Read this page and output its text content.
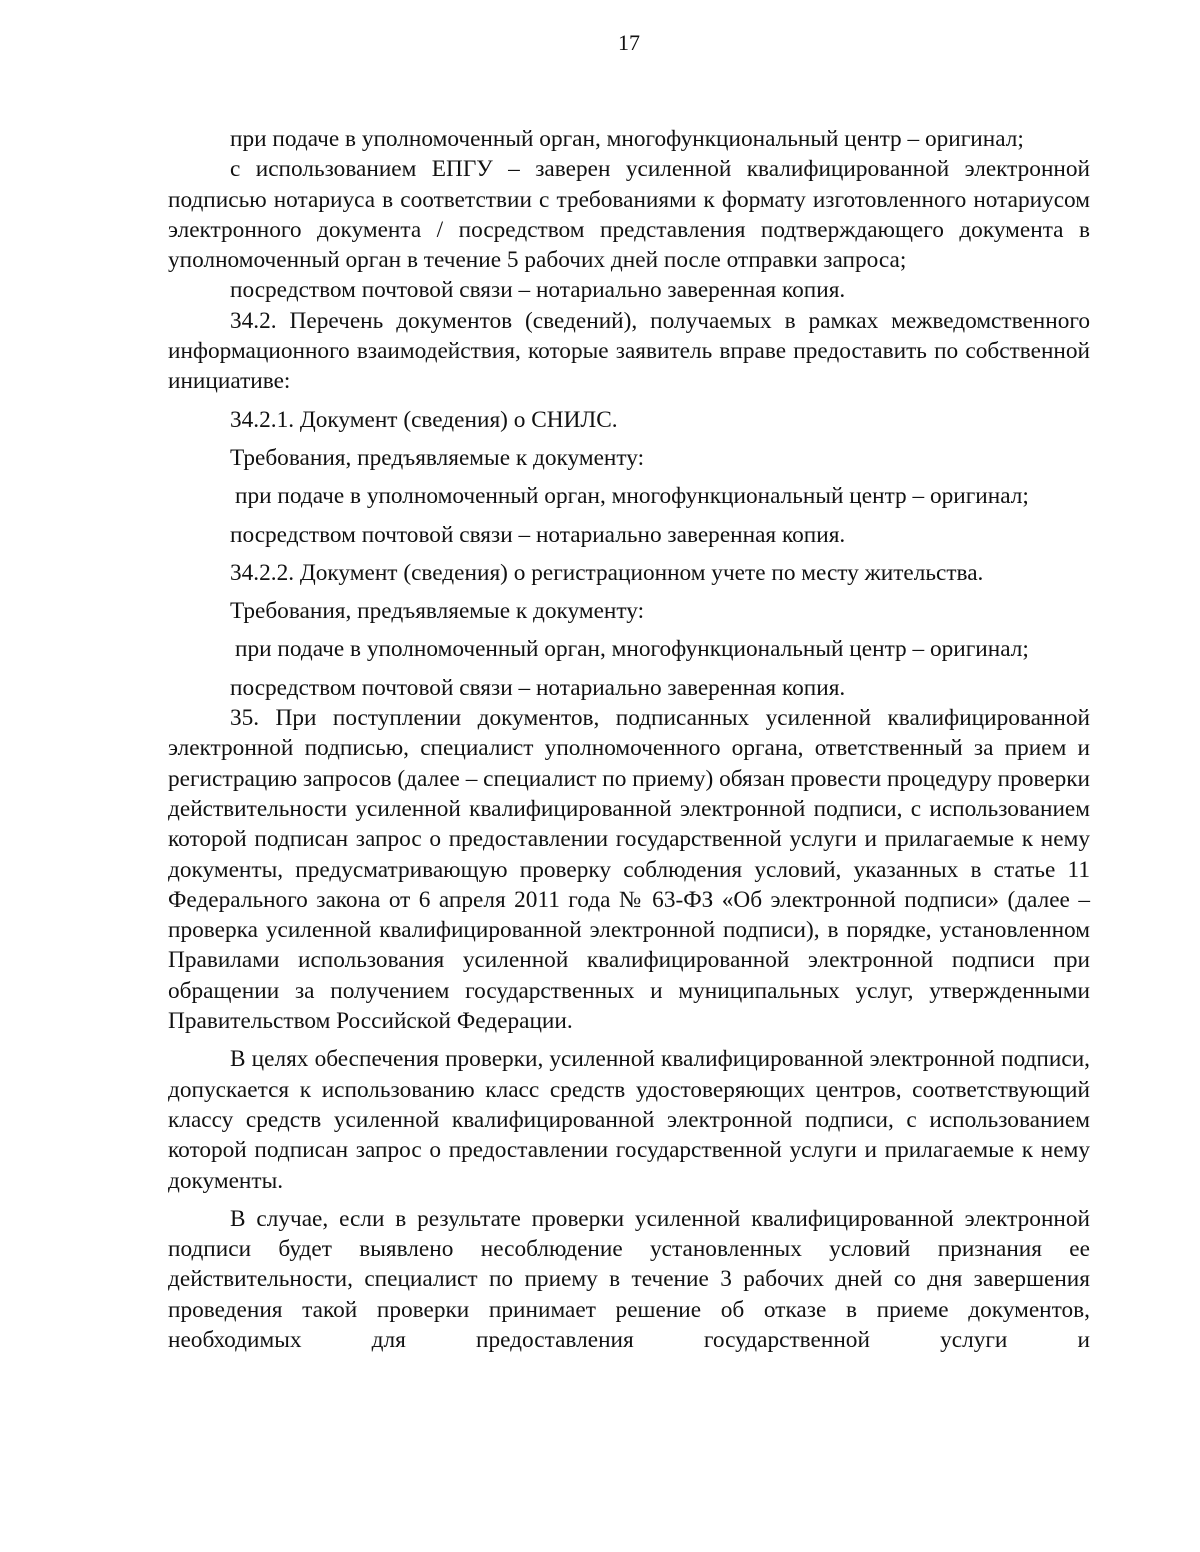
17

при подаче в уполномоченный орган, многофункциональный центр – оригинал;

с использованием ЕПГУ – заверен усиленной квалифицированной электронной подписью нотариуса в соответствии с требованиями к формату изготовленного нотариусом электронного документа / посредством представления подтверждающего документа в уполномоченный орган в течение 5 рабочих дней после отправки запроса;

посредством почтовой связи – нотариально заверенная копия.

34.2. Перечень документов (сведений), получаемых в рамках межведомственного информационного взаимодействия, которые заявитель вправе предоставить по собственной инициативе:

34.2.1. Документ (сведения) о СНИЛС.

Требования, предъявляемые к документу:

при подаче в уполномоченный орган, многофункциональный центр – оригинал;

посредством почтовой связи – нотариально заверенная копия.

34.2.2. Документ (сведения) о регистрационном учете по месту жительства.

Требования, предъявляемые к документу:

при подаче в уполномоченный орган, многофункциональный центр – оригинал;

посредством почтовой связи – нотариально заверенная копия.

35. При поступлении документов, подписанных усиленной квалифицированной электронной подписью, специалист уполномоченного органа, ответственный за прием и регистрацию запросов (далее – специалист по приему) обязан провести процедуру проверки действительности усиленной квалифицированной электронной подписи, с использованием которой подписан запрос о предоставлении государственной услуги и прилагаемые к нему документы, предусматривающую проверку соблюдения условий, указанных в статье 11 Федерального закона от 6 апреля 2011 года № 63-ФЗ «Об электронной подписи» (далее – проверка усиленной квалифицированной электронной подписи), в порядке, установленном Правилами использования усиленной квалифицированной электронной подписи при обращении за получением государственных и муниципальных услуг, утвержденными Правительством Российской Федерации.

В целях обеспечения проверки, усиленной квалифицированной электронной подписи, допускается к использованию класс средств удостоверяющих центров, соответствующий классу средств усиленной квалифицированной электронной подписи, с использованием которой подписан запрос о предоставлении государственной услуги и прилагаемые к нему документы.

В случае, если в результате проверки усиленной квалифицированной электронной подписи будет выявлено несоблюдение установленных условий признания ее действительности, специалист по приему в течение 3 рабочих дней со дня завершения проведения такой проверки принимает решение об отказе в приеме документов, необходимых для предоставления государственной услуги и
